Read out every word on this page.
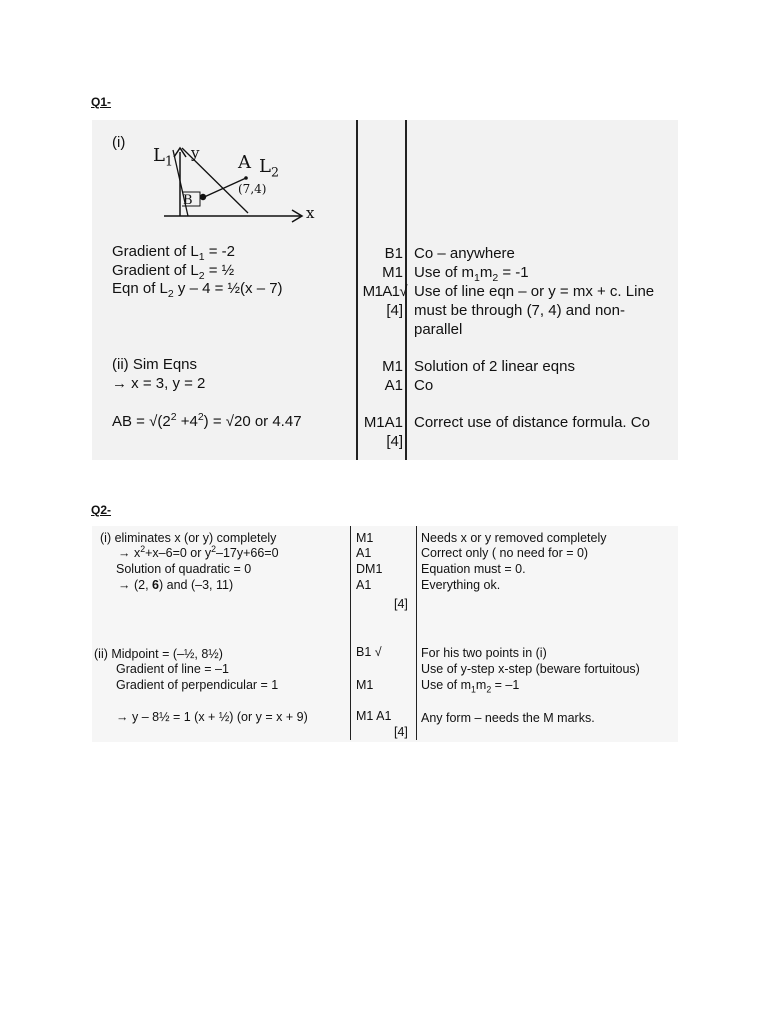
Q1-
(i)
$L_1$ y A $L_2$
(7,4)
B
x
Gradient of $L_1 = -2$
Gradient of $L_2$ = ½
Eqn of $L_2$ y – 4 = ½(x – 7)
(ii) Sim Eqns
→ x = 3, y = 2
AB = $√(2^2 +4^2) = √20$ or 4.47
B1
M1
M1A1√
[4]
M1
A1
M1A1
[4]
Co – anywhere
Use of $m_1m_2 = -1$
Use of line eqn – or y = mx + c. Line
must be through (7, 4) and non-
parallel
Solution of 2 linear eqns
Co
Correct use of distance formula. Co
Q2-
(i) eliminates x (or y) completely
→ $x^2+x-6=0$ or $y^2-17y+66=0$
Solution of quadratic = 0
→ (2, 6) and (–3, 11)
(ii) Midpoint = (–½, 8½)
Gradient of line = –1
Gradient of perpendicular = 1
→ y – 8½ = 1 (x + ½) (or y = x + 9)
M1
A1
DM1
A1
[4]
B1 √
M1
M1 A1
[4]
Needs x or y removed completely
Correct only ( no need for = 0)
Equation must = 0.
Everything ok.
For his two points in (i)
Use of y-step x-step (beware fortuitous)
Use of $m_1m_2 = -1$
Any form – needs the M marks.
